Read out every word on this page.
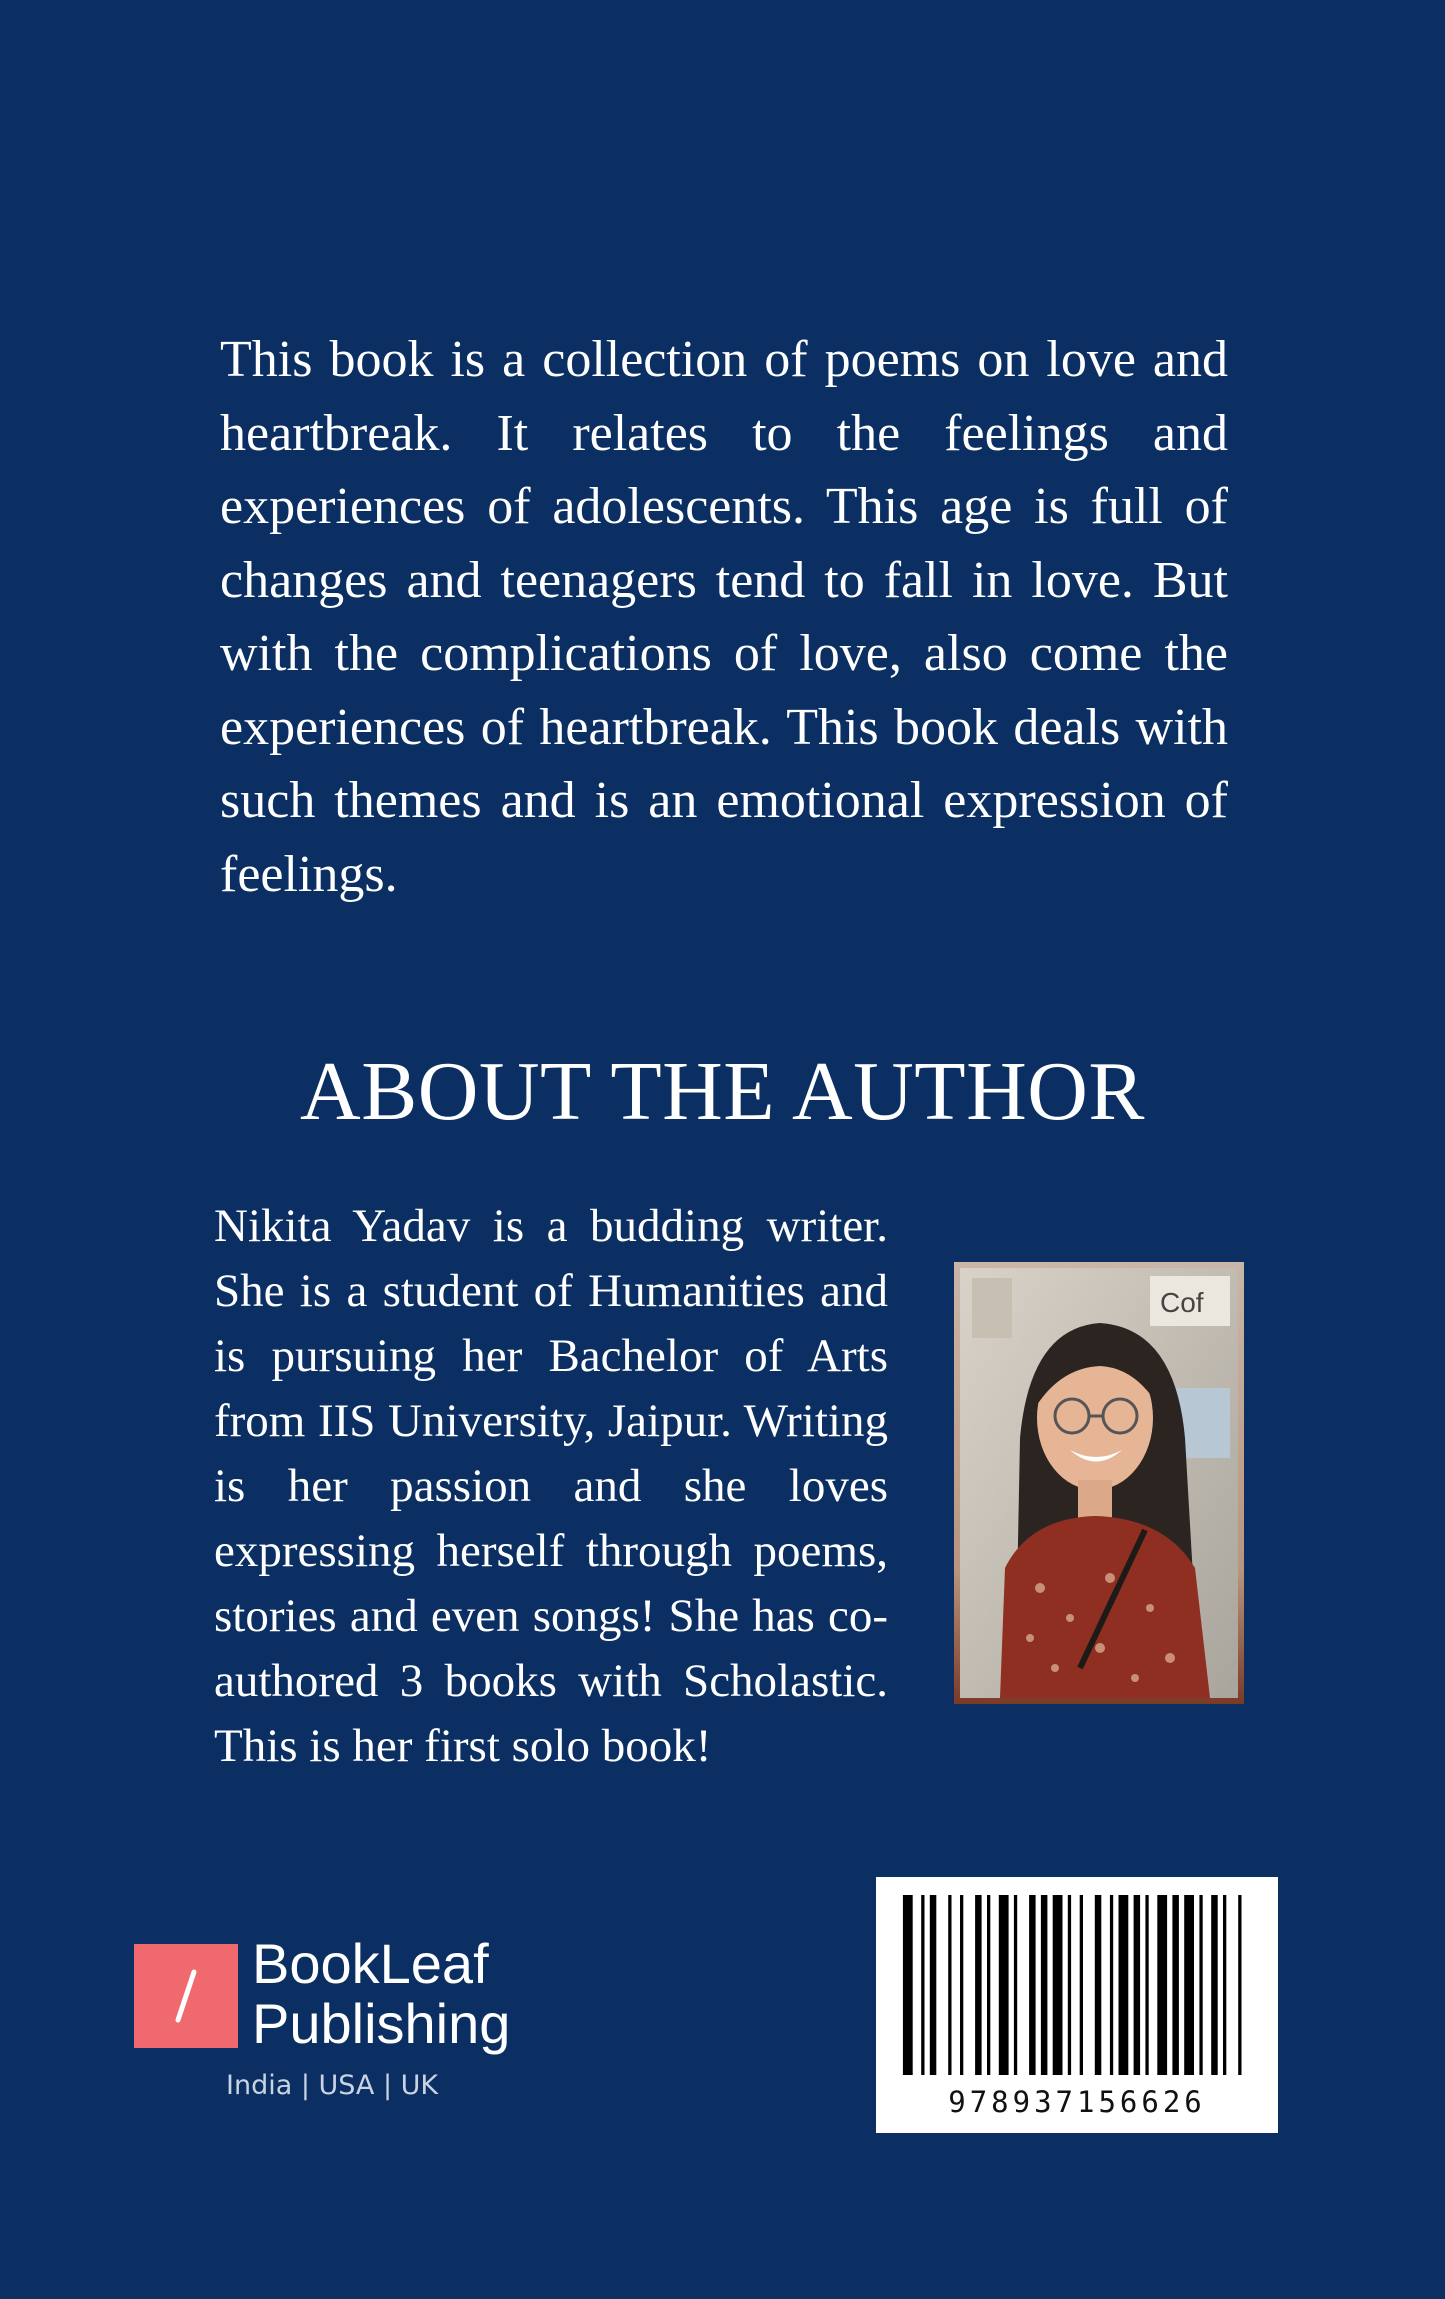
This book is a collection of poems on love and heartbreak. It relates to the feelings and experiences of adolescents. This age is full of changes and teenagers tend to fall in love. But with the complications of love, also come the experiences of heartbreak. This book deals with such themes and is an emotional expression of feelings.

ABOUT THE AUTHOR

Nikita Yadav is a budding writer. She is a student of Humanities and is pursuing her Bachelor of Arts from IIS University, Jaipur. Writing is her passion and she loves expressing herself through poems, stories and even songs! She has co-authored 3 books with Scholastic. This is her first solo book!

Cof
BookLeaf
Publishing
India | USA | UK	978937156626
